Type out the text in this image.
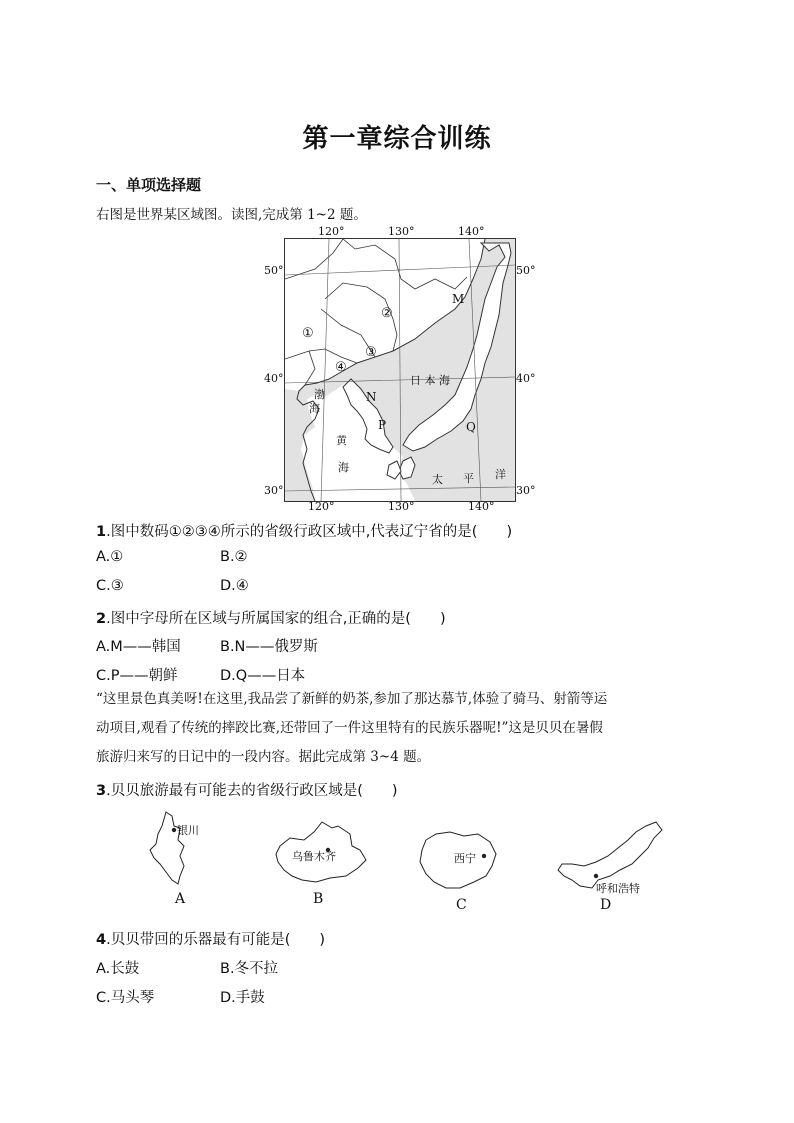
第一章综合训练
一、单项选择题
右图是世界某区域图。读图,完成第 1~2 题。
120°	130°	140°
120°	130°	140°
50°
40°
30°
50°
40°
30°
①
②
③
④
M
N
P	Q
渤
海
黄
海
日 本 海
太 平 洋
1.图中数码①②③④所示的省级行政区域中,代表辽宁省的是(　　)
A.①	B.②
C.③	D.④
2.图中字母所在区域与所属国家的组合,正确的是(　　)
A.M——韩国	B.N——俄罗斯
C.P——朝鲜	D.Q——日本
“这里景色真美呀!在这里,我品尝了新鲜的奶茶,参加了那达慕节,体验了骑马、射箭等运
动项目,观看了传统的摔跤比赛,还带回了一件这里特有的民族乐器呢!”这是贝贝在暑假
旅游归来写的日记中的一段内容。据此完成第 3~4 题。
3.贝贝旅游最有可能去的省级行政区域是(　　)
银川
A
乌鲁木齐
B
西宁
C
呼和浩特
D
4.贝贝带回的乐器最有可能是(　　)
A.长鼓	B.冬不拉
C.马头琴	D.手鼓
